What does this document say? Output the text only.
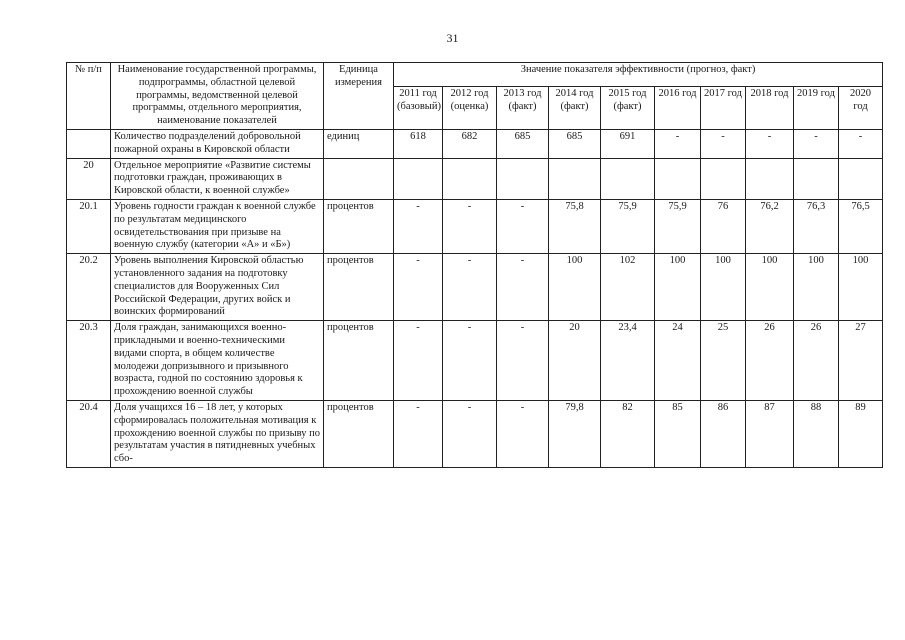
31
№ п/п	Наименование государственной программы, подпрограммы, областной целевой программы, ведомственной целевой программы, отдельного мероприятия, наименование показателей	Единица измерения	Значение показателя эффективности (прогноз, факт)									
			2011 год (базовый)	2012 год (оценка)	2013 год (факт)	2014 год (факт)	2015 год (факт)	2016 год	2017 год	2018 год	2019 год	2020 год
	Количество подразделений добровольной пожарной охраны в Кировской области	единиц	618	682	685	685	691	-	-	-	-	-
20	Отдельное мероприятие «Развитие системы подготовки граждан, проживающих в Кировской области, к военной службе»											
20.1	Уровень годности граждан к военной службе по результатам медицинского освидетельствования при призыве на военную службу (категории «А» и «Б»)	процентов	-	-	-	75,8	75,9	75,9	76	76,2	76,3	76,5
20.2	Уровень выполнения Кировской областью установленного задания на подготовку специалистов для Вооруженных Сил Российской Федерации, других войск и воинских формирований	процентов	-	-	-	100	102	100	100	100	100	100
20.3	Доля граждан, занимающихся военно-прикладными и военно-техническими видами спорта, в общем количестве молодежи допризывного и призывного возраста, годной по состоянию здоровья к прохождению военной службы	процентов	-	-	-	20	23,4	24	25	26	26	27
20.4	Доля учащихся 16 – 18 лет, у которых сформировалась положительная мотивация к прохождению военной службы по призыву по результатам участия в пятидневных учебных сбо-	процентов	-	-	-	79,8	82	85	86	87	88	89
